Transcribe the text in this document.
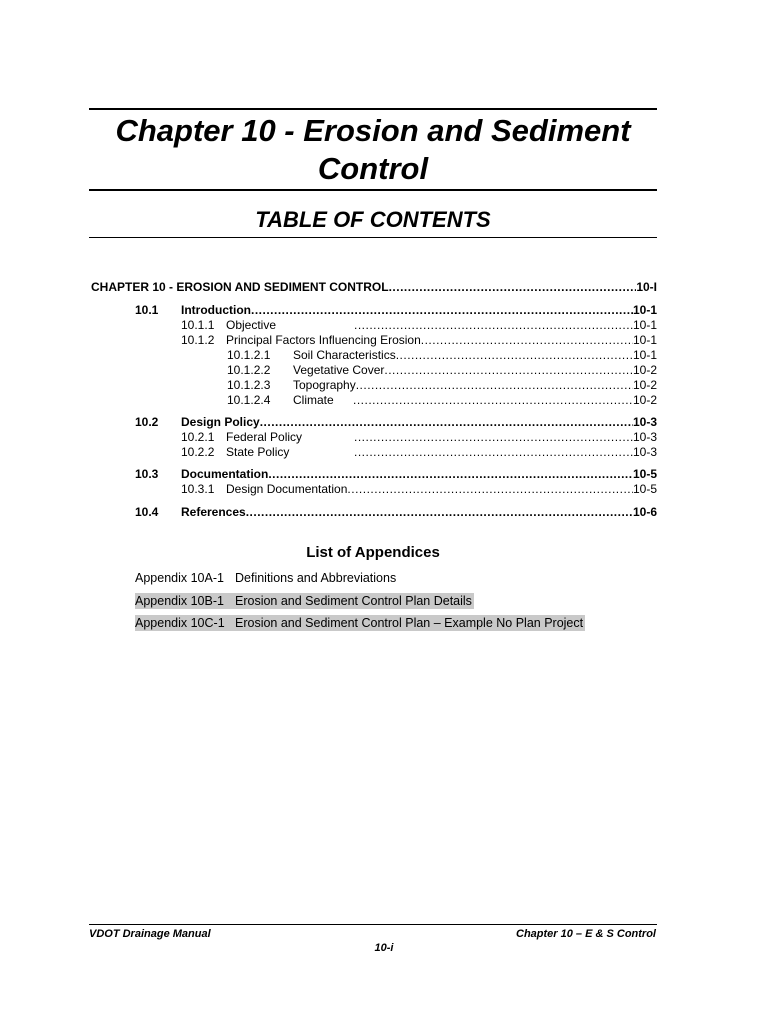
Chapter 10 - Erosion and Sediment
Control
TABLE OF CONTENTS
CHAPTER 10 - EROSION AND SEDIMENT CONTROL .....	10-I
10.1	Introduction .....	10-1
10.1.1 Objective .....	10-1
10.1.2 Principal Factors Influencing Erosion .....	10-1
10.1.2.1	Soil Characteristics .....	10-1
10.1.2.2	Vegetative Cover .....	10-2
10.1.2.3	Topography .....	10-2
10.1.2.4	Climate .....	10-2
10.2	Design Policy .....	10-3
10.2.1 Federal Policy .....	10-3
10.2.2 State Policy .....	10-3
10.3	Documentation .....	10-5
10.3.1 Design Documentation .....	10-5
10.4	References .....	10-6
List of Appendices
Appendix 10A-1 Definitions and Abbreviations
Appendix 10B-1 Erosion and Sediment Control Plan Details
Appendix 10C-1 Erosion and Sediment Control Plan – Example No Plan Project
VDOT Drainage Manual	Chapter 10 – E & S Control
10-i
